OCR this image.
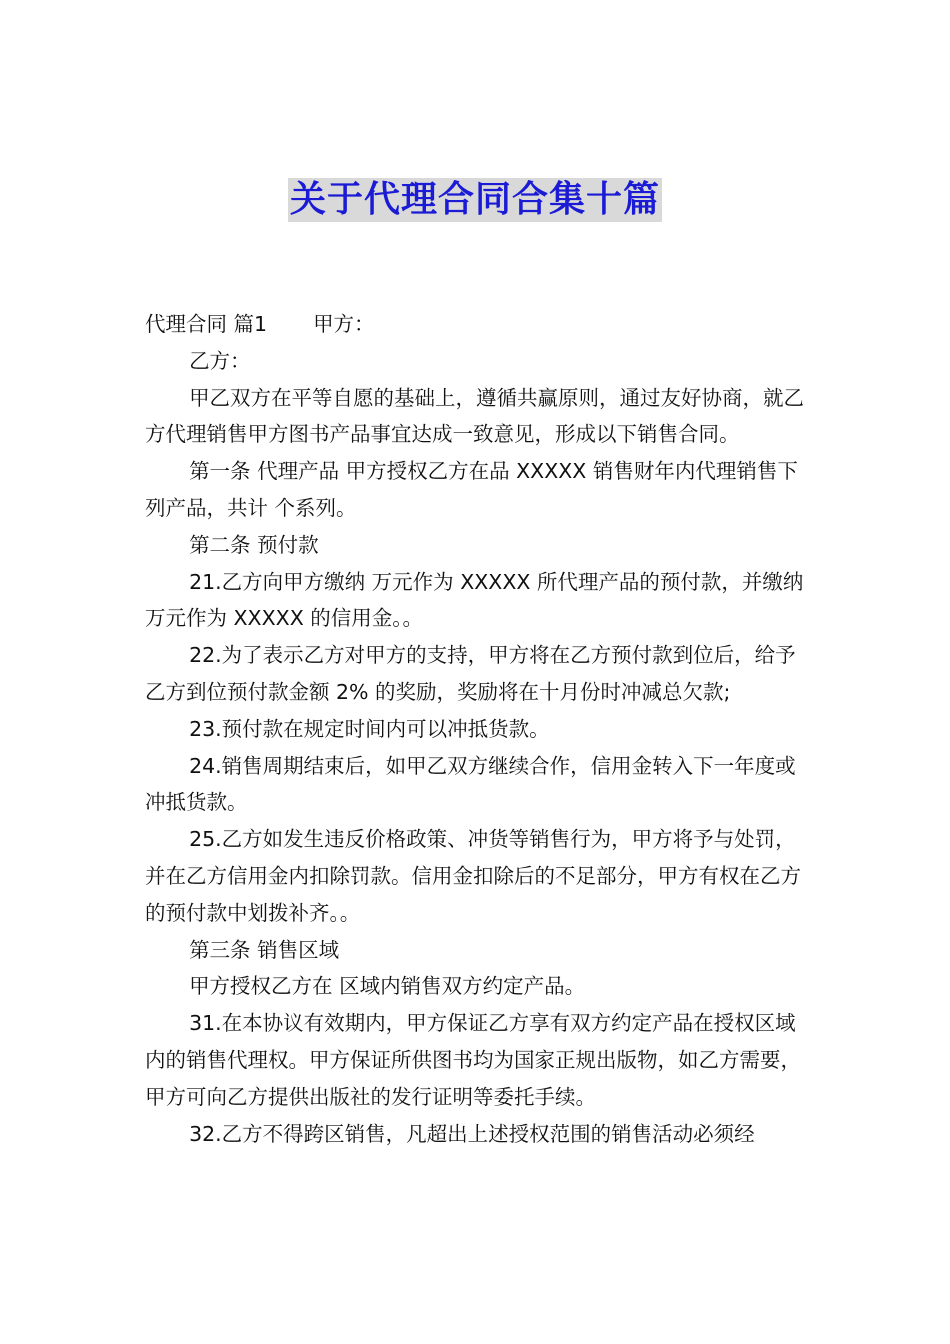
关于代理合同合集十篇

代理合同 篇1 甲方：

乙方：

甲乙双方在平等自愿的基础上，遵循共赢原则，通过友好协商，就乙方代理销售甲方图书产品事宜达成一致意见，形成以下销售合同。

第一条 代理产品 甲方授权乙方在品 XXXXX 销售财年内代理销售下列产品，共计 个系列。

第二条 预付款

21.乙方向甲方缴纳 万元作为 XXXXX 所代理产品的预付款，并缴纳 万元作为 XXXXX 的信用金。。

22.为了表示乙方对甲方的支持，甲方将在乙方预付款到位后，给予乙方到位预付款金额 2% 的奖励，奖励将在十月份时冲减总欠款;

23.预付款在规定时间内可以冲抵货款。

24.销售周期结束后，如甲乙双方继续合作，信用金转入下一年度或冲抵货款。

25.乙方如发生违反价格政策、冲货等销售行为，甲方将予与处罚，并在乙方信用金内扣除罚款。信用金扣除后的不足部分，甲方有权在乙方的预付款中划拨补齐。。

第三条 销售区域

甲方授权乙方在 区域内销售双方约定产品。

31.在本协议有效期内，甲方保证乙方享有双方约定产品在授权区域内的销售代理权。甲方保证所供图书均为国家正规出版物，如乙方需要，甲方可向乙方提供出版社的发行证明等委托手续。

32.乙方不得跨区销售，凡超出上述授权范围的销售活动必须经
